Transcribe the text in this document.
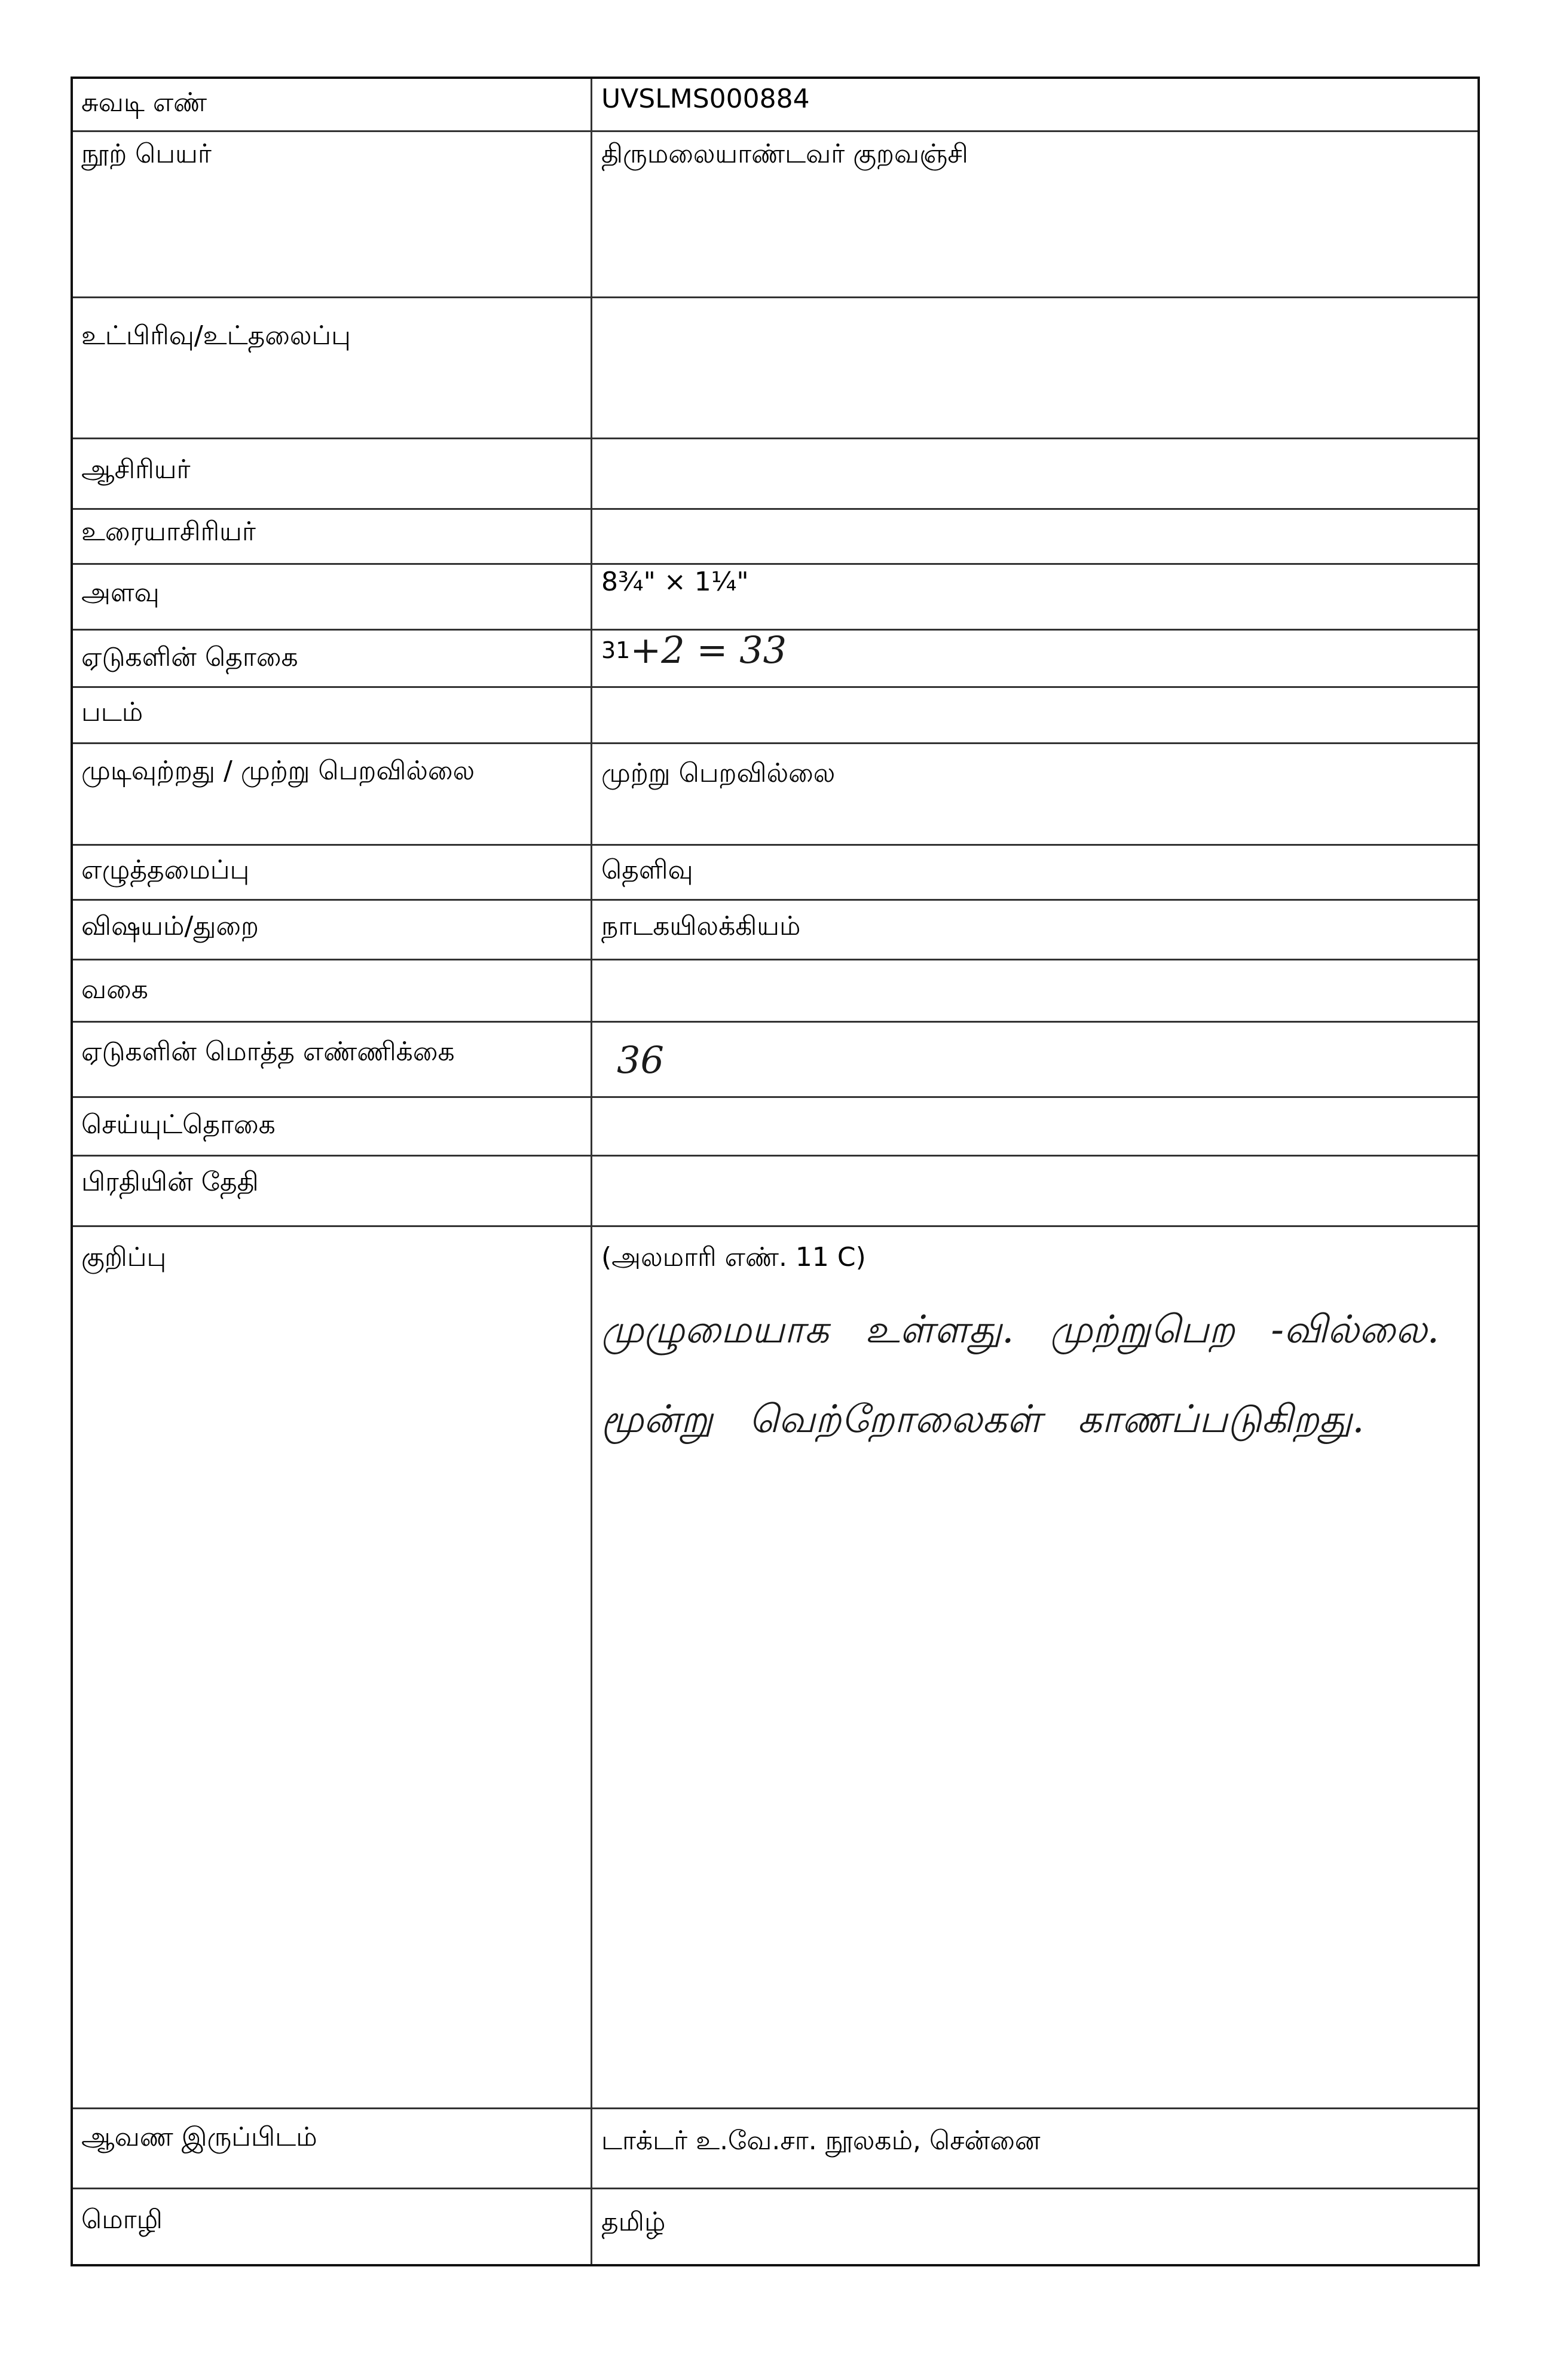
சுவடி எண்	UVSLMS000884
நூற் பெயர்	திருமலையாண்டவர் குறவஞ்சி
உட்பிரிவு/உட்தலைப்பு
ஆசிரியர்
உரையாசிரியர்
அளவு	8¾" × 1¼"
ஏடுகளின் தொகை	31+2 = 33
படம்
முடிவுற்றது / முற்று பெறவில்லை	முற்று பெறவில்லை
எழுத்தமைப்பு	தெளிவு
விஷயம்/துறை	நாடகயிலக்கியம்
வகை
ஏடுகளின் மொத்த எண்ணிக்கை	36
செய்யுட்தொகை
பிரதியின் தேதி
குறிப்பு	(அலமாரி எண். 11 C)
முழுமையாக உள்ளது. முற்றுபெற -வில்லை. மூன்று வெற்றோலைகள் காணப்படுகிறது.
ஆவண இருப்பிடம்	டாக்டர் உ.வே.சா. நூலகம், சென்னை
மொழி	தமிழ்
